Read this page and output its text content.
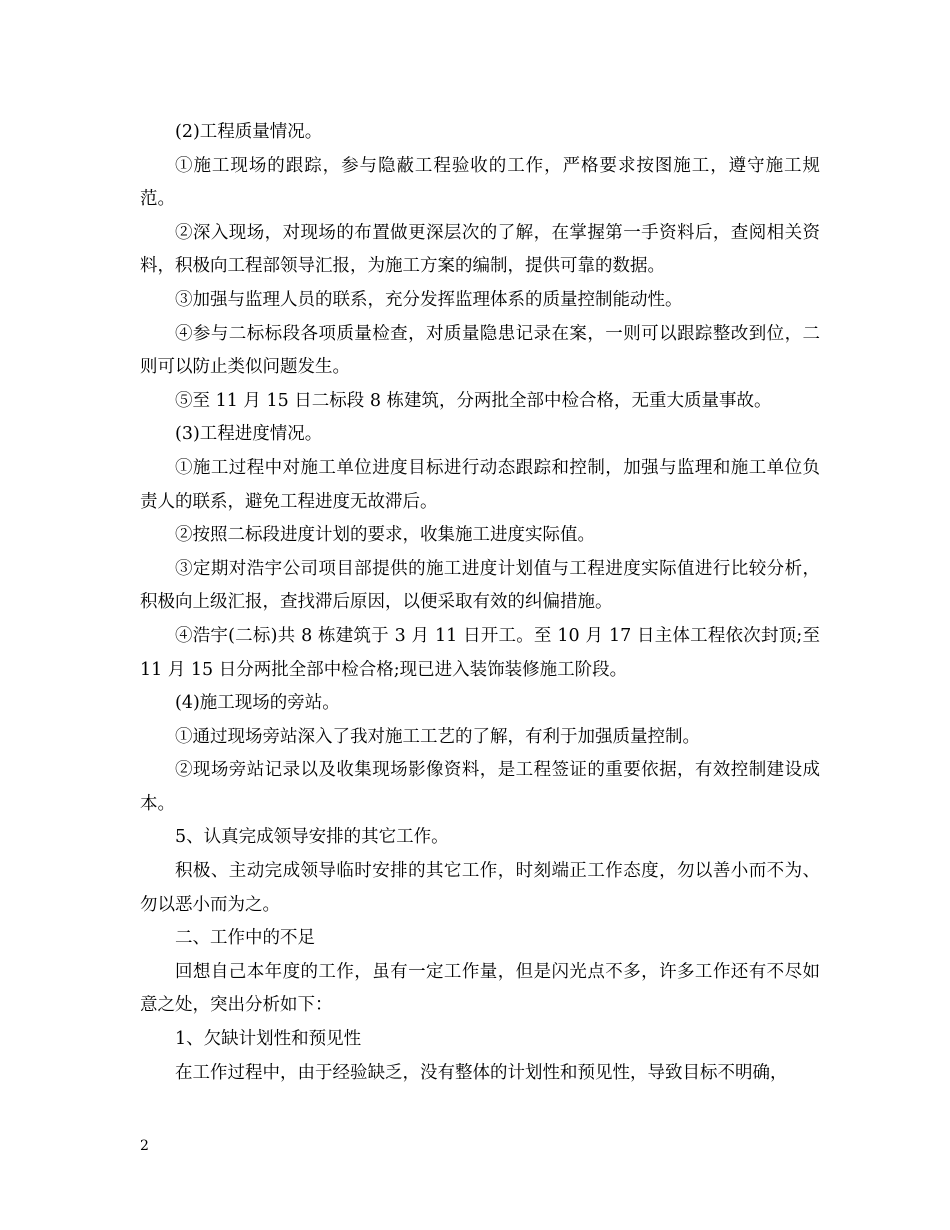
(2)工程质量情况。

①施工现场的跟踪，参与隐蔽工程验收的工作，严格要求按图施工，遵守施工规范。

②深入现场，对现场的布置做更深层次的了解，在掌握第一手资料后，查阅相关资料，积极向工程部领导汇报，为施工方案的编制，提供可靠的数据。

③加强与监理人员的联系，充分发挥监理体系的质量控制能动性。

④参与二标标段各项质量检查，对质量隐患记录在案，一则可以跟踪整改到位，二则可以防止类似问题发生。

⑤至 11 月 15 日二标段 8 栋建筑，分两批全部中检合格，无重大质量事故。

(3)工程进度情况。

①施工过程中对施工单位进度目标进行动态跟踪和控制，加强与监理和施工单位负责人的联系，避免工程进度无故滞后。

②按照二标段进度计划的要求，收集施工进度实际值。

③定期对浩宇公司项目部提供的施工进度计划值与工程进度实际值进行比较分析，积极向上级汇报，查找滞后原因，以便采取有效的纠偏措施。

④浩宇(二标)共 8 栋建筑于 3 月 11 日开工。至 10 月 17 日主体工程依次封顶;至 11 月 15 日分两批全部中检合格;现已进入装饰装修施工阶段。

(4)施工现场的旁站。

①通过现场旁站深入了我对施工工艺的了解，有利于加强质量控制。

②现场旁站记录以及收集现场影像资料，是工程签证的重要依据，有效控制建设成本。

5、认真完成领导安排的其它工作。

积极、主动完成领导临时安排的其它工作，时刻端正工作态度，勿以善小而不为、勿以恶小而为之。

二、工作中的不足

回想自己本年度的工作，虽有一定工作量，但是闪光点不多，许多工作还有不尽如意之处，突出分析如下：

1、欠缺计划性和预见性

在工作过程中，由于经验缺乏，没有整体的计划性和预见性，导致目标不明确，

2
